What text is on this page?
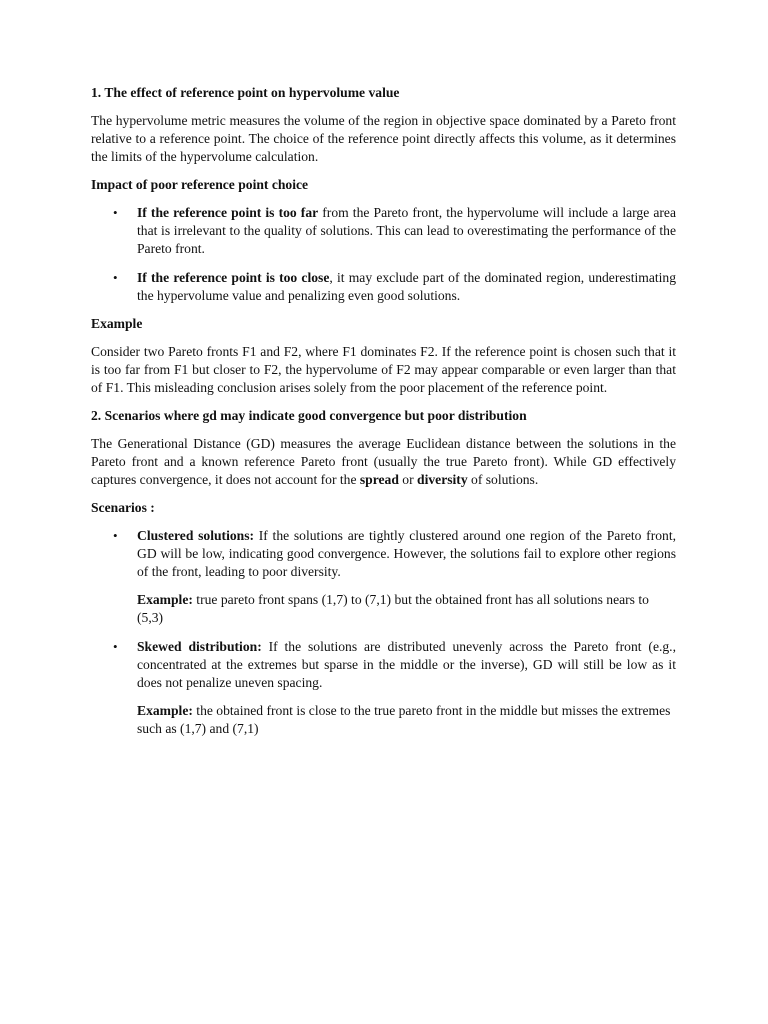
1. The effect of reference point on hypervolume value

The hypervolume metric measures the volume of the region in objective space dominated by a Pareto front relative to a reference point. The choice of the reference point directly affects this volume, as it determines the limits of the hypervolume calculation.

Impact of poor reference point choice

• If the reference point is too far from the Pareto front, the hypervolume will include a large area that is irrelevant to the quality of solutions. This can lead to overestimating the performance of the Pareto front.

• If the reference point is too close, it may exclude part of the dominated region, underestimating the hypervolume value and penalizing even good solutions.

Example

Consider two Pareto fronts F1 and F2, where F1 dominates F2. If the reference point is chosen such that it is too far from F1 but closer to F2, the hypervolume of F2 may appear comparable or even larger than that of F1. This misleading conclusion arises solely from the poor placement of the reference point.

2. Scenarios where gd may indicate good convergence but poor distribution

The Generational Distance (GD) measures the average Euclidean distance between the solutions in the Pareto front and a known reference Pareto front (usually the true Pareto front). While GD effectively captures convergence, it does not account for the spread or diversity of solutions.

Scenarios :

• Clustered solutions: If the solutions are tightly clustered around one region of the Pareto front, GD will be low, indicating good convergence. However, the solutions fail to explore other regions of the front, leading to poor diversity.

Example: true pareto front spans (1,7) to (7,1) but the obtained front has all solutions nears to (5,3)

• Skewed distribution: If the solutions are distributed unevenly across the Pareto front (e.g., concentrated at the extremes but sparse in the middle or the inverse), GD will still be low as it does not penalize uneven spacing.

Example: the obtained front is close to the true pareto front in the middle but misses the extremes such as (1,7) and (7,1)
